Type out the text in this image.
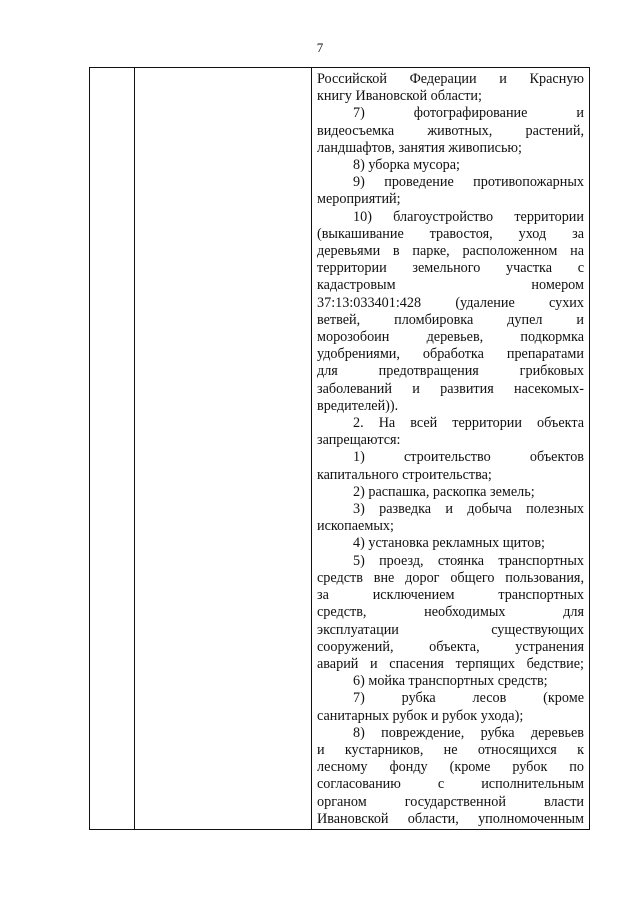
7

Российской Федерации и Красную
книгу Ивановской области;
7) фотографирование и
видеосъемка животных, растений,
ландшафтов, занятия живописью;
8) уборка мусора;
9) проведение противопожарных
мероприятий;
10) благоустройство территории
(выкашивание травостоя, уход за
деревьями в парке, расположенном на
территории земельного участка с
кадастровым номером
37:13:033401:428 (удаление сухих
ветвей, пломбировка дупел и
морозобоин деревьев, подкормка
удобрениями, обработка препаратами
для предотвращения грибковых
заболеваний и развития насекомых-
вредителей)).
2. На всей территории объекта
запрещаются:
1) строительство объектов
капитального строительства;
2) распашка, раскопка земель;
3) разведка и добыча полезных
ископаемых;
4) установка рекламных щитов;
5) проезд, стоянка транспортных
средств вне дорог общего пользования,
за исключением транспортных
средств, необходимых для
эксплуатации существующих
сооружений, объекта, устранения
аварий и спасения терпящих бедствие;
6) мойка транспортных средств;
7) рубка лесов (кроме
санитарных рубок и рубок ухода);
8) повреждение, рубка деревьев
и кустарников, не относящихся к
лесному фонду (кроме рубок по
согласованию с исполнительным
органом государственной власти
Ивановской области, уполномоченным
